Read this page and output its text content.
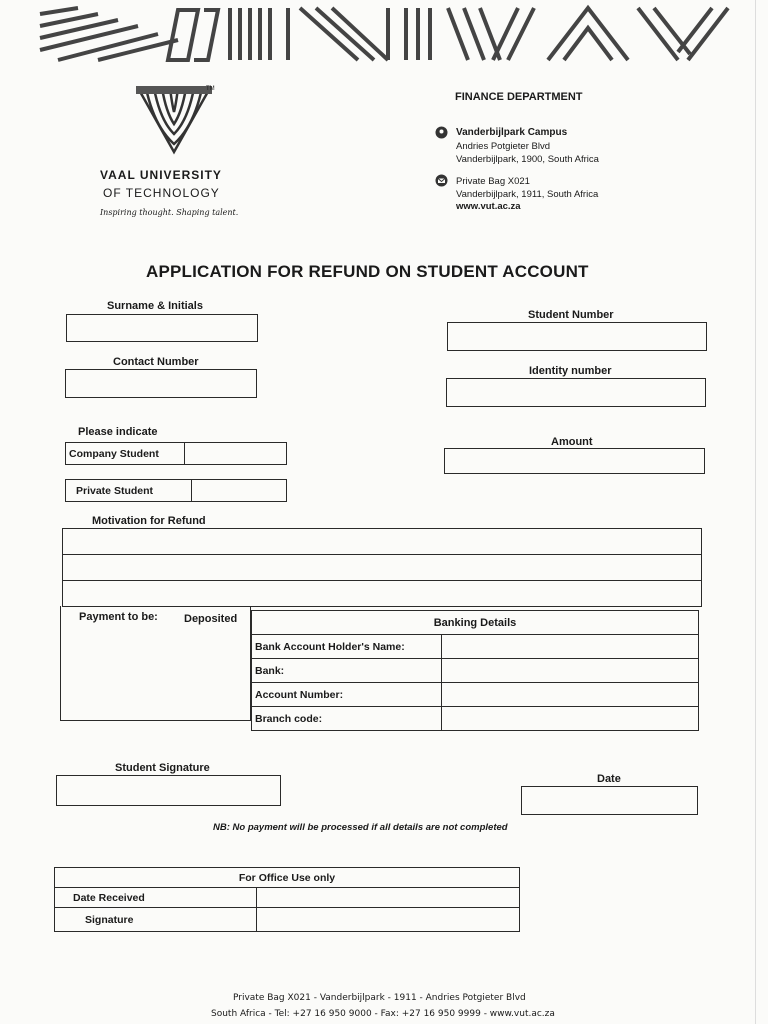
TM
VAAL UNIVERSITY
OF TECHNOLOGY
Inspiring thought. Shaping talent.
FINANCE DEPARTMENT
Vanderbijlpark Campus
Andries Potgieter Blvd
Vanderbijlpark, 1900, South Africa
Private Bag X021
Vanderbijlpark, 1911, South Africa
www.vut.ac.za
APPLICATION FOR REFUND ON STUDENT ACCOUNT
Surname & Initials
Student Number
Contact Number
Identity number
Please indicate
Company Student	
Private Student	
Amount
Motivation for Refund

Payment to be: Deposited	Banking Details	
Bank Account Holder's Name:	
Bank:	
Account Number:	
Branch code:	
Student Signature
Date
NB: No payment will be processed if all details are not completed
For Office Use only	
Date Received	
Signature	
Private Bag X021 - Vanderbijlpark - 1911 - Andries Potgieter Blvd
South Africa - Tel: +27 16 950 9000 - Fax: +27 16 950 9999 - www.vut.ac.za
